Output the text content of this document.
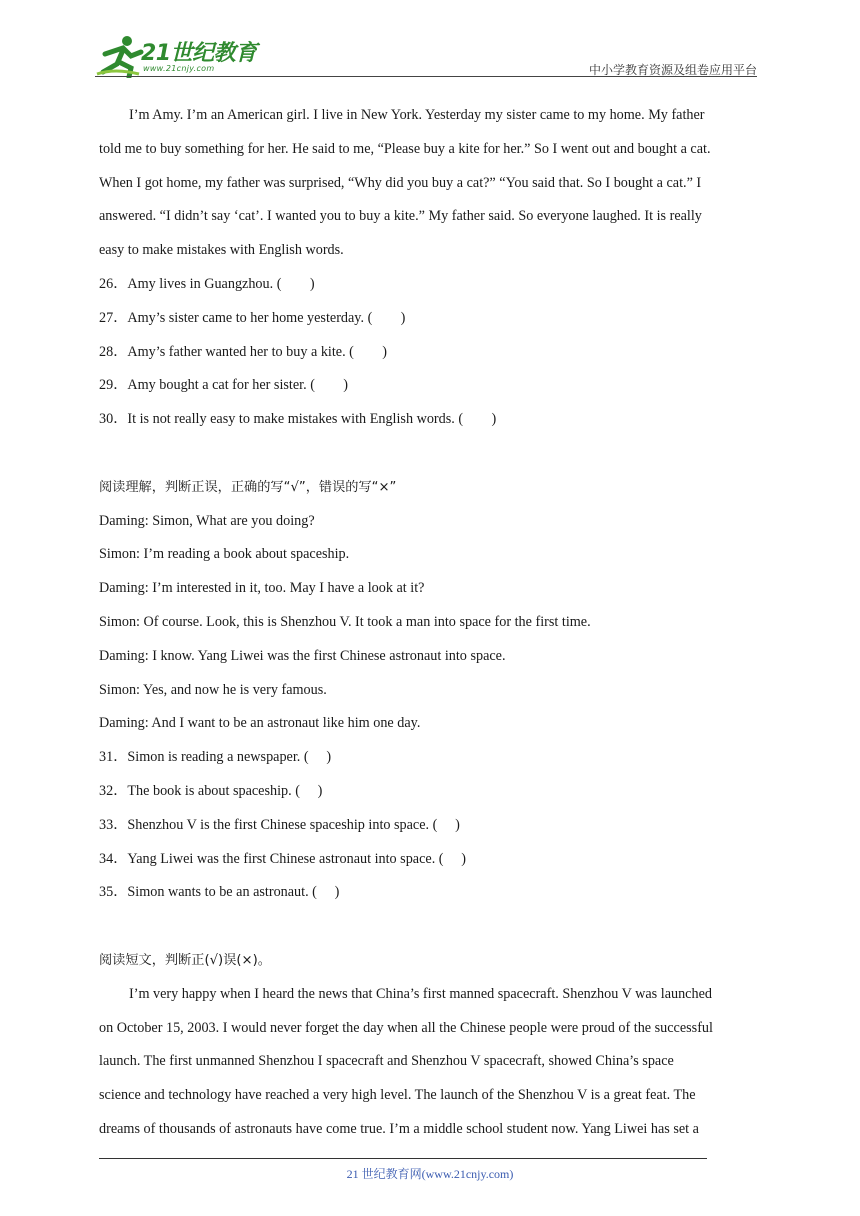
21世纪教育
www.21cnjy.com	中小学教育资源及组卷应用平台

I’m Amy. I’m an American girl. I live in New York. Yesterday my sister came to my home. My father

told me to buy something for her. He said to me, “Please buy a kite for her.” So I went out and bought a cat.

When I got home, my father was surprised, “Why did you buy a cat?” “You said that. So I bought a cat.” I

answered. “I didn’t say ‘cat’. I wanted you to buy a kite.” My father said. So everyone laughed. It is really

easy to make mistakes with English words.

26．Amy lives in Guangzhou. (　　)

27．Amy’s sister came to her home yesterday. (　　)

28．Amy’s father wanted her to buy a kite. (　　)

29．Amy bought a cat for her sister. (　　)

30．It is not really easy to make mistakes with English words. (　　)

阅读理解，判断正误，正确的写“√”，错误的写“×”

Daming: Simon, What are you doing?

Simon: I’m reading a book about spaceship.

Daming: I’m interested in it, too. May I have a look at it?

Simon: Of course. Look, this is Shenzhou V. It took a man into space for the first time.

Daming: I know. Yang Liwei was the first Chinese astronaut into space.

Simon: Yes, and now he is very famous.

Daming: And I want to be an astronaut like him one day.

31．Simon is reading a newspaper. (　 )

32．The book is about spaceship. (　 )

33．Shenzhou V is the first Chinese spaceship into space. (　 )

34．Yang Liwei was the first Chinese astronaut into space. (　 )

35．Simon wants to be an astronaut. (　 )

阅读短文，判断正(√)误(×)。

I’m very happy when I heard the news that China’s first manned spacecraft. Shenzhou V was launched

on October 15, 2003. I would never forget the day when all the Chinese people were proud of the successful

launch. The first unmanned Shenzhou I spacecraft and Shenzhou V spacecraft, showed China’s space

science and technology have reached a very high level. The launch of the Shenzhou V is a great feat. The

dreams of thousands of astronauts have come true. I’m a middle school student now. Yang Liwei has set a

21 世纪教育网(www.21cnjy.com)
